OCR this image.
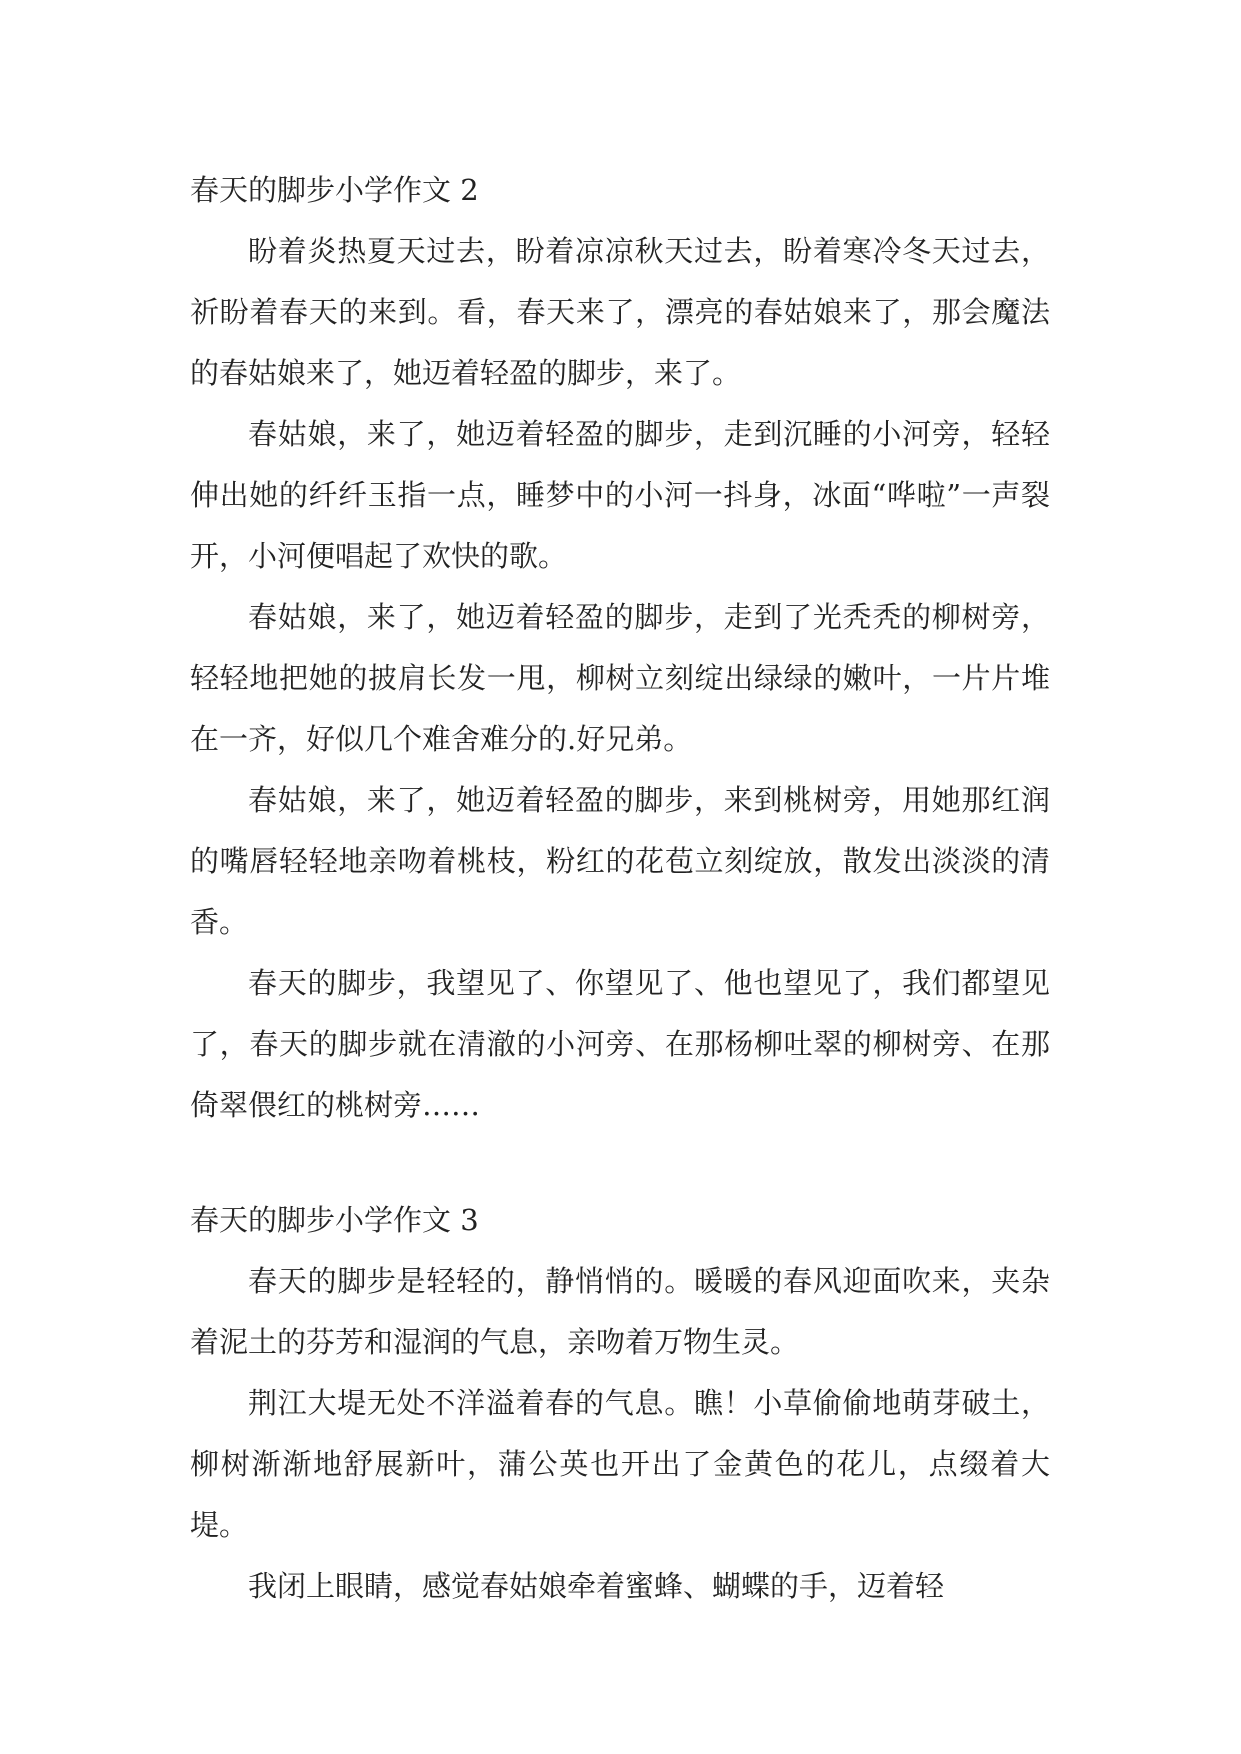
春天的脚步小学作文 2

盼着炎热夏天过去，盼着凉凉秋天过去，盼着寒冷冬天过去，祈盼着春天的来到。看，春天来了，漂亮的春姑娘来了，那会魔法的春姑娘来了，她迈着轻盈的脚步，来了。

春姑娘，来了，她迈着轻盈的脚步，走到沉睡的小河旁，轻轻伸出她的纤纤玉指一点，睡梦中的小河一抖身，冰面“哗啦”一声裂开，小河便唱起了欢快的歌。

春姑娘，来了，她迈着轻盈的脚步，走到了光秃秃的柳树旁，轻轻地把她的披肩长发一甩，柳树立刻绽出绿绿的嫩叶，一片片堆在一齐，好似几个难舍难分的.好兄弟。

春姑娘，来了，她迈着轻盈的脚步，来到桃树旁，用她那红润的嘴唇轻轻地亲吻着桃枝，粉红的花苞立刻绽放，散发出淡淡的清香。

春天的脚步，我望见了、你望见了、他也望见了，我们都望见了，春天的脚步就在清澈的小河旁、在那杨柳吐翠的柳树旁、在那倚翠偎红的桃树旁……

春天的脚步小学作文 3

春天的脚步是轻轻的，静悄悄的。暖暖的春风迎面吹来，夹杂着泥土的芬芳和湿润的气息，亲吻着万物生灵。

荆江大堤无处不洋溢着春的气息。瞧！小草偷偷地萌芽破土，柳树渐渐地舒展新叶，蒲公英也开出了金黄色的花儿，点缀着大堤。

我闭上眼睛，感觉春姑娘牵着蜜蜂、蝴蝶的手，迈着轻
